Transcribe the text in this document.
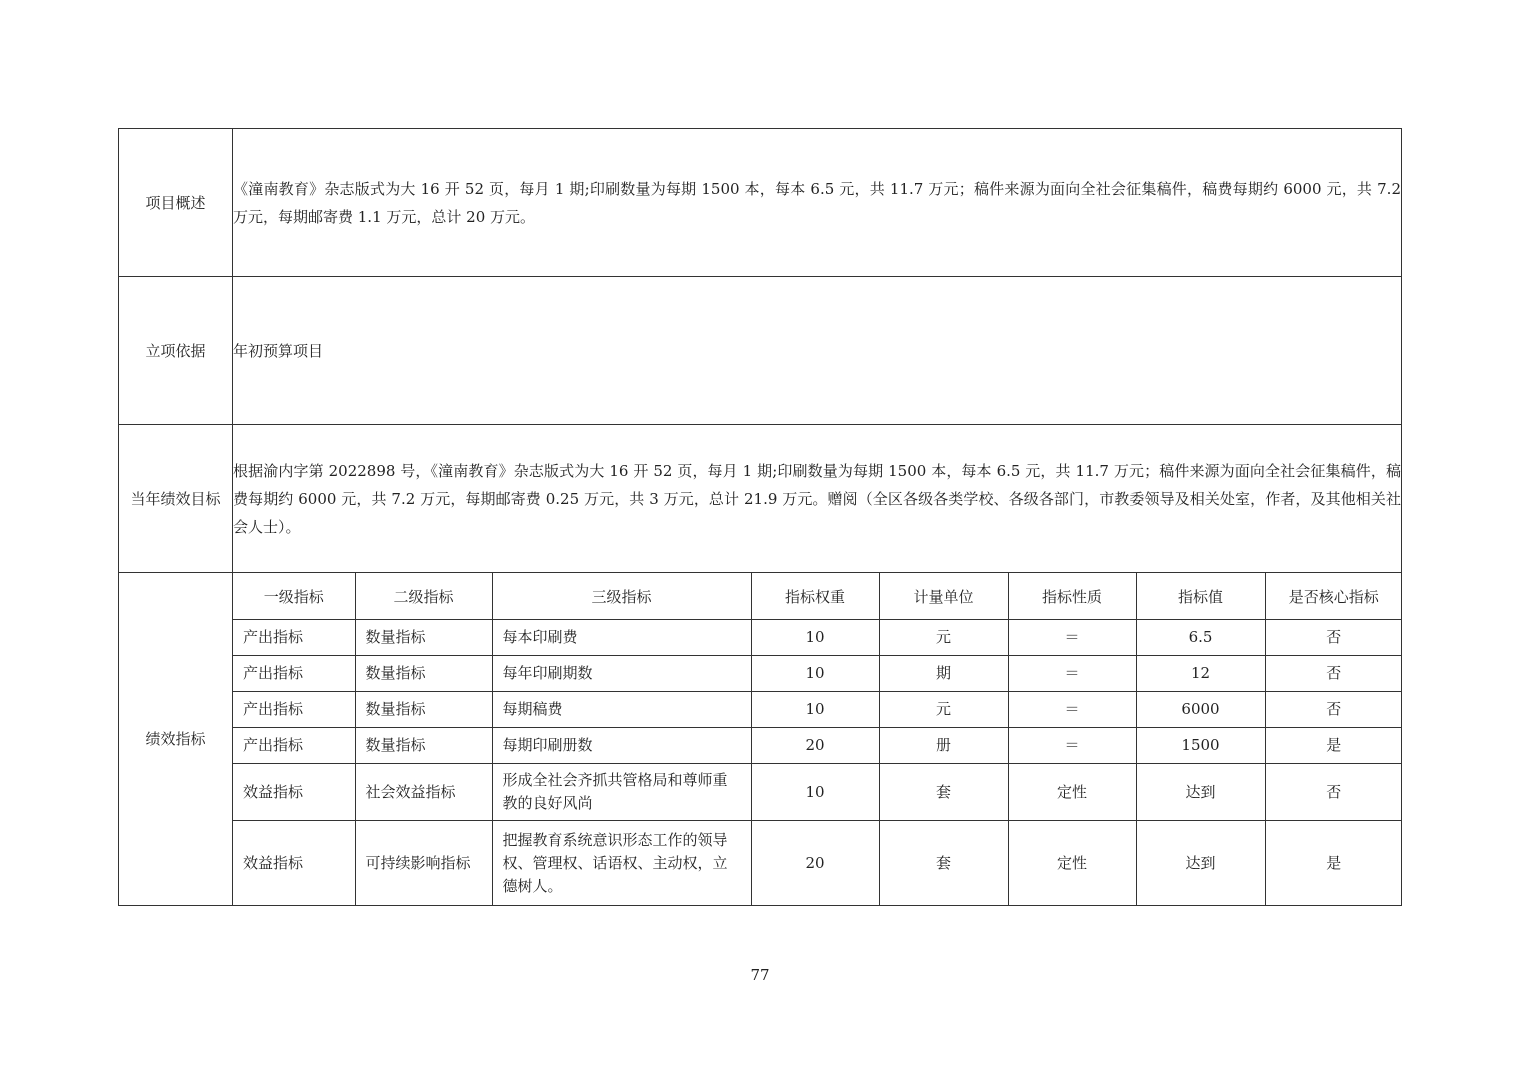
项目概述	《潼南教育》杂志版式为大 16 开 52 页，每月 1 期;印刷数量为每期 1500 本，每本 6.5 元，共 11.7 万元；稿件来源为面向全社会征集稿件，稿费每期约 6000 元，共 7.2 万元，每期邮寄费 1.1 万元，总计 20 万元。
立项依据	年初预算项目
当年绩效目标	根据渝内字第 2022898 号，《潼南教育》杂志版式为大 16 开 52 页，每月 1 期;印刷数量为每期 1500 本，每本 6.5 元，共 11.7 万元；稿件来源为面向全社会征集稿件，稿费每期约 6000 元，共 7.2 万元，每期邮寄费 0.25 万元，共 3 万元，总计 21.9 万元。赠阅（全区各级各类学校、各级各部门，市教委领导及相关处室，作者，及其他相关社会人士）。
绩效指标	
一级指标	二级指标	三级指标	指标权重	计量单位	指标性质	指标值	是否核心指标
产出指标	数量指标	每本印刷费	10	元	＝	6.5	否
产出指标	数量指标	每年印刷期数	10	期	＝	12	否
产出指标	数量指标	每期稿费	10	元	＝	6000	否
产出指标	数量指标	每期印刷册数	20	册	＝	1500	是
效益指标	社会效益指标	形成全社会齐抓共管格局和尊师重教的良好风尚	10	套	定性	达到	否
效益指标	可持续影响指标	把握教育系统意识形态工作的领导权、管理权、话语权、主动权，立德树人。	20	套	定性	达到	是
77
